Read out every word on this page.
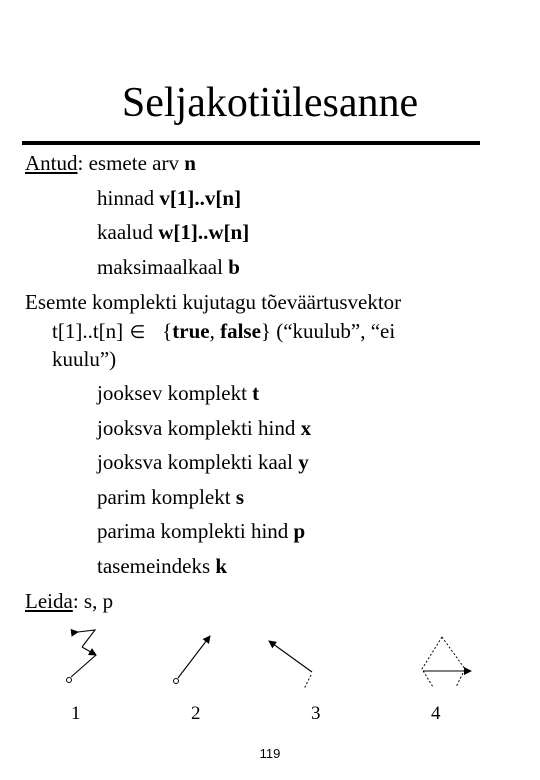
Seljakotiülesanne
Antud: esmete arv n
hinnad v[1]..v[n]
kaalud w[1]..w[n]
maksimaalkaal b
Esemte komplekti kujutagu tõeväärtusvektor
t[1]..t[n] ∈ {true, false} (“kuulub”, “ei
kuulu”)
jooksev komplekt t
jooksva komplekti hind x
jooksva komplekti kaal y
parim komplekt s
parima komplekti hind p
tasemeindeks k
Leida: s, p
1	2	3	4
119
